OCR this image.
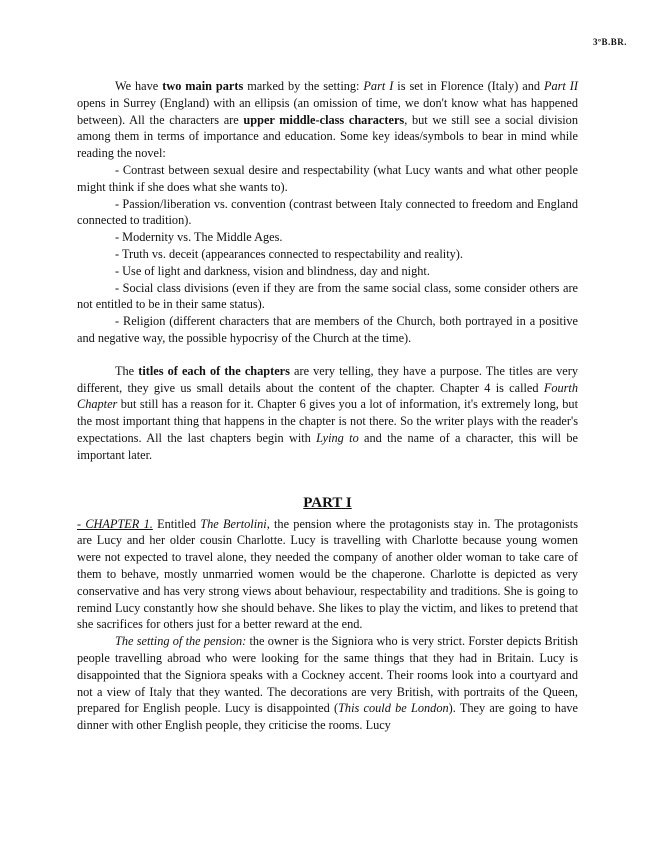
3ºB.BR.

We have two main parts marked by the setting: Part I is set in Florence (Italy) and Part II opens in Surrey (England) with an ellipsis (an omission of time, we don't know what has happened between). All the characters are upper middle-class characters, but we still see a social division among them in terms of importance and education. Some key ideas/symbols to bear in mind while reading the novel:

- Contrast between sexual desire and respectability (what Lucy wants and what other people might think if she does what she wants to).

- Passion/liberation vs. convention (contrast between Italy connected to freedom and England connected to tradition).

- Modernity vs. The Middle Ages.

- Truth vs. deceit (appearances connected to respectability and reality).

- Use of light and darkness, vision and blindness, day and night.

- Social class divisions (even if they are from the same social class, some consider others are not entitled to be in their same status).

- Religion (different characters that are members of the Church, both portrayed in a positive and negative way, the possible hypocrisy of the Church at the time).

The titles of each of the chapters are very telling, they have a purpose. The titles are very different, they give us small details about the content of the chapter. Chapter 4 is called Fourth Chapter but still has a reason for it. Chapter 6 gives you a lot of information, it's extremely long, but the most important thing that happens in the chapter is not there. So the writer plays with the reader's expectations. All the last chapters begin with Lying to and the name of a character, this will be important later.

PART I

- CHAPTER 1. Entitled The Bertolini, the pension where the protagonists stay in. The protagonists are Lucy and her older cousin Charlotte. Lucy is travelling with Charlotte because young women were not expected to travel alone, they needed the company of another older woman to take care of them to behave, mostly unmarried women would be the chaperone. Charlotte is depicted as very conservative and has very strong views about behaviour, respectability and traditions. She is going to remind Lucy constantly how she should behave. She likes to play the victim, and likes to pretend that she sacrifices for others just for a better reward at the end.

The setting of the pension: the owner is the Signiora who is very strict. Forster depicts British people travelling abroad who were looking for the same things that they had in Britain. Lucy is disappointed that the Signiora speaks with a Cockney accent. Their rooms look into a courtyard and not a view of Italy that they wanted. The decorations are very British, with portraits of the Queen, prepared for English people. Lucy is disappointed (This could be London). They are going to have dinner with other English people, they criticise the rooms. Lucy
